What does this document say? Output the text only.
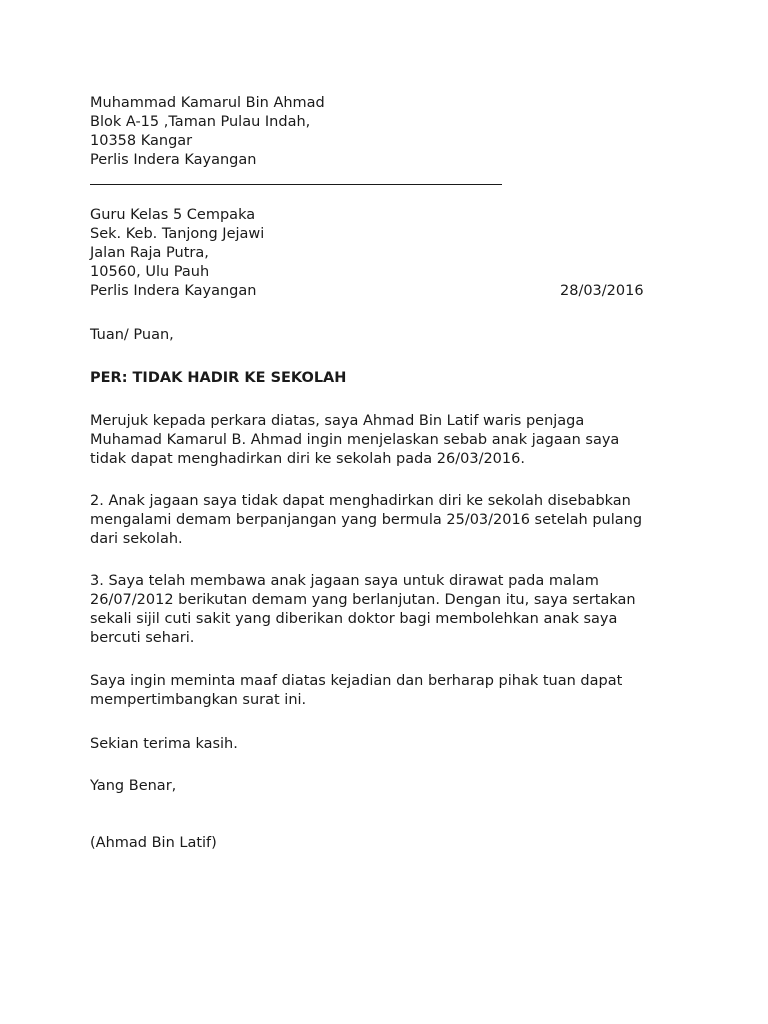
Muhammad Kamarul Bin Ahmad
Blok A-15 ,Taman Pulau Indah,
10358 Kangar
Perlis Indera Kayangan
Guru Kelas 5 Cempaka
Sek. Keb. Tanjong Jejawi
Jalan Raja Putra,
10560, Ulu Pauh
Perlis Indera Kayangan	28/03/2016
Tuan/ Puan,
PER: TIDAK HADIR KE SEKOLAH
Merujuk kepada perkara diatas, saya Ahmad Bin Latif waris penjaga
Muhamad Kamarul B. Ahmad ingin menjelaskan sebab anak jagaan saya
tidak dapat menghadirkan diri ke sekolah pada 26/03/2016.
2. Anak jagaan saya tidak dapat menghadirkan diri ke sekolah disebabkan
mengalami demam berpanjangan yang bermula 25/03/2016 setelah pulang
dari sekolah.
3. Saya telah membawa anak jagaan saya untuk dirawat pada malam
26/07/2012 berikutan demam yang berlanjutan. Dengan itu, saya sertakan
sekali sijil cuti sakit yang diberikan doktor bagi membolehkan anak saya
bercuti sehari.
Saya ingin meminta maaf diatas kejadian dan berharap pihak tuan dapat
mempertimbangkan surat ini.
Sekian terima kasih.
Yang Benar,
(Ahmad Bin Latif)
